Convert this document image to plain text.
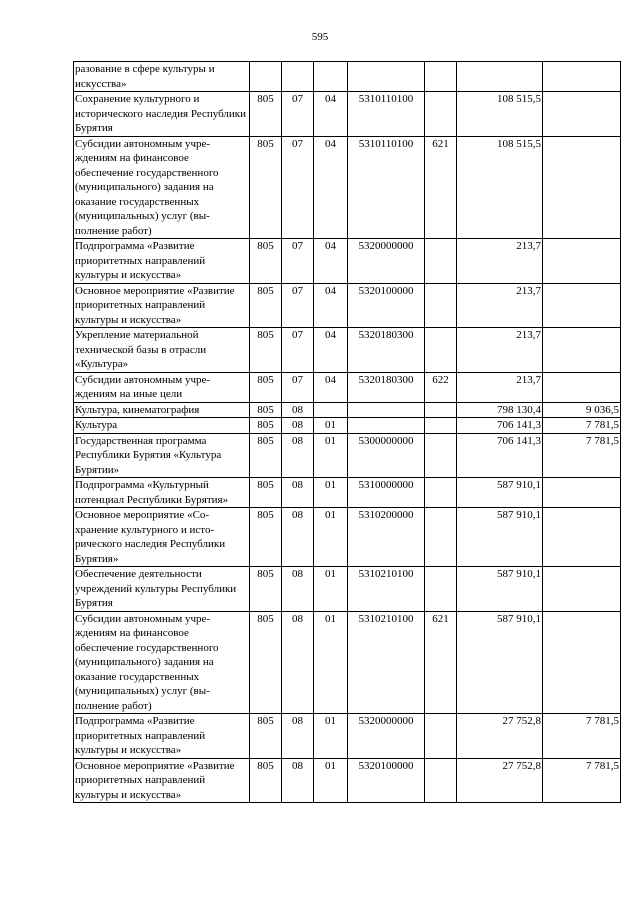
595
разование в сфере культуры и искусства»							
Сохранение культурного и исторического наследия Республики Бурятия	805	07	04	5310110100		108 515,5	
Субсидии автономным учреждениям на финансовое обеспечение государственного (муниципального) задания на оказание государственных (муниципальных) услуг (выполнение работ)	805	07	04	5310110100	621	108 515,5	
Подпрограмма «Развитие приоритетных направлений культуры и искусства»	805	07	04	5320000000		213,7	
Основное мероприятие «Развитие приоритетных направлений культуры и искусства»	805	07	04	5320100000		213,7	
Укрепление материальной технической базы в отрасли «Культура»	805	07	04	5320180300		213,7	
Субсидии автономным учреждениям на иные цели	805	07	04	5320180300	622	213,7	
Культура, кинематография	805	08				798 130,4	9 036,5
Культура	805	08	01			706 141,3	7 781,5
Государственная программа Республики Бурятия «Культура Бурятии»	805	08	01	5300000000		706 141,3	7 781,5
Подпрограмма «Культурный потенциал Республики Бурятия»	805	08	01	5310000000		587 910,1	
Основное мероприятие «Сохранение культурного и исторического наследия Республики Бурятия»	805	08	01	5310200000		587 910,1	
Обеспечение деятельности учреждений культуры Республики Бурятия	805	08	01	5310210100		587 910,1	
Субсидии автономным учреждениям на финансовое обеспечение государственного (муниципального) задания на оказание государственных (муниципальных) услуг (выполнение работ)	805	08	01	5310210100	621	587 910,1	
Подпрограмма «Развитие приоритетных направлений культуры и искусства»	805	08	01	5320000000		27 752,8	7 781,5
Основное мероприятие «Развитие приоритетных направлений культуры и искусства»	805	08	01	5320100000		27 752,8	7 781,5
